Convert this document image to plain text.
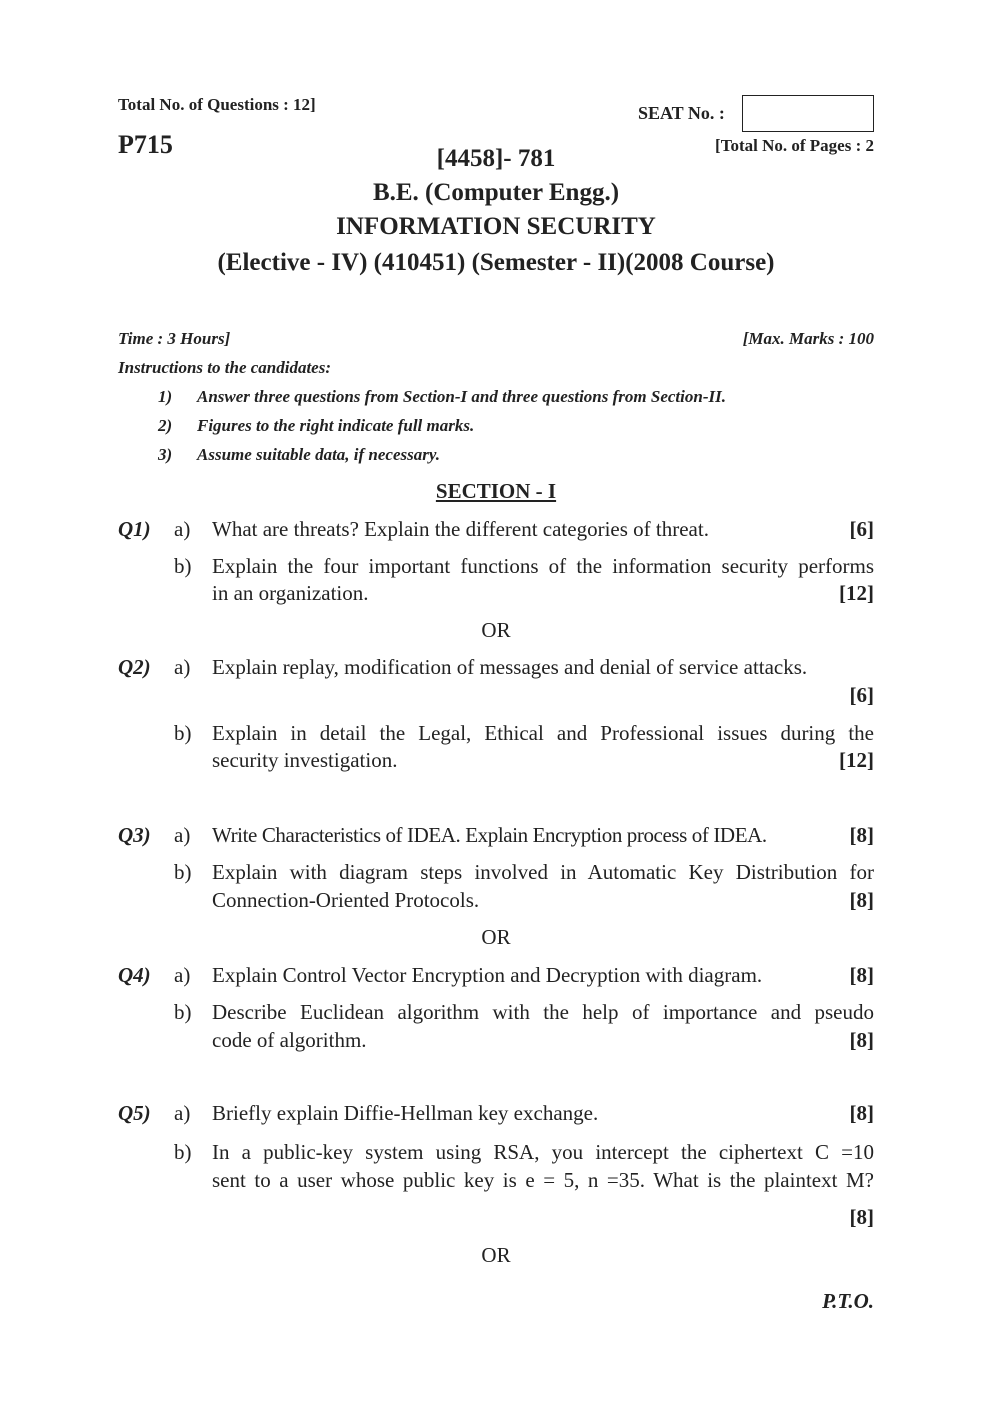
Total No. of Questions : 12]
P715
SEAT No. :
[Total No. of Pages : 2
[4458]- 781
B.E. (Computer Engg.)
INFORMATION SECURITY
(Elective - IV) (410451) (Semester - II)(2008 Course)
Time : 3 Hours]	[Max. Marks : 100
Instructions to the candidates:
1) Answer three questions from Section-I and three questions from Section-II.
2) Figures to the right indicate full marks.
3) Assume suitable data, if necessary.
SECTION - I
Q1) a) What are threats? Explain the different categories of threat.	[6]
b) Explain the four important functions of the information security performs
in an organization.	[12]
OR
Q2) a) Explain replay, modification of messages and denial of service attacks.
[6]
b) Explain in detail the Legal, Ethical and Professional issues during the
security investigation.	[12]
Q3) a) Write Characteristics of IDEA. Explain Encryption process of IDEA.	[8]
b) Explain with diagram steps involved in Automatic Key Distribution for
Connection-Oriented Protocols.	[8]
OR
Q4) a) Explain Control Vector Encryption and Decryption with diagram.	[8]
b) Describe Euclidean algorithm with the help of importance and pseudo
code of algorithm.	[8]
Q5) a) Briefly explain Diffie-Hellman key exchange.	[8]
b) In a public-key system using RSA, you intercept the ciphertext C =10
sent to a user whose public key is e = 5, n =35. What is the plaintext M?
[8]
OR
P.T.O.
